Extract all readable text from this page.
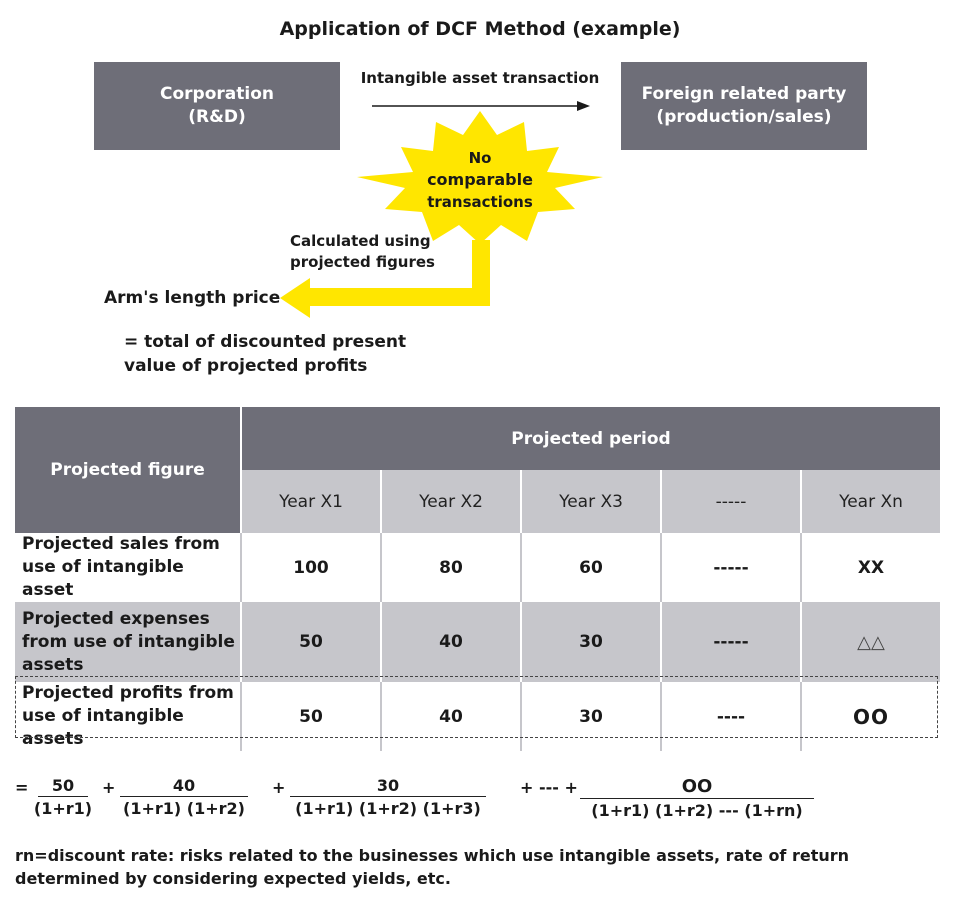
Application of DCF Method (example)
Corporation
(R&D)
Foreign related party
(production/sales)
Intangible asset transaction
No
comparable
transactions
Calculated using
projected figures
Arm's length price
= total of discounted present
value of projected profits
Projected figure	Projected period				
	Year X1	Year X2	Year X3	-----	Year Xn

Projected sales from
use of intangible asset	100	80	60	-----	XX

Projected expenses
from use of intangible
assets	50	40	30	-----	△△

Projected profits from
use of intangible assets	50	40	30	----	OO
= $\frac{50}{(1+r1)} + \frac{40}{(1+r1) (1+r2)} + \frac{30}{(1+r1) (1+r2) (1+r3)}$ + --- + $\frac{OO}{(1+r1) (1+r2) --- (1+rn)}$
rn=discount rate: risks related to the businesses which use intangible assets, rate of return
determined by considering expected yields, etc.
